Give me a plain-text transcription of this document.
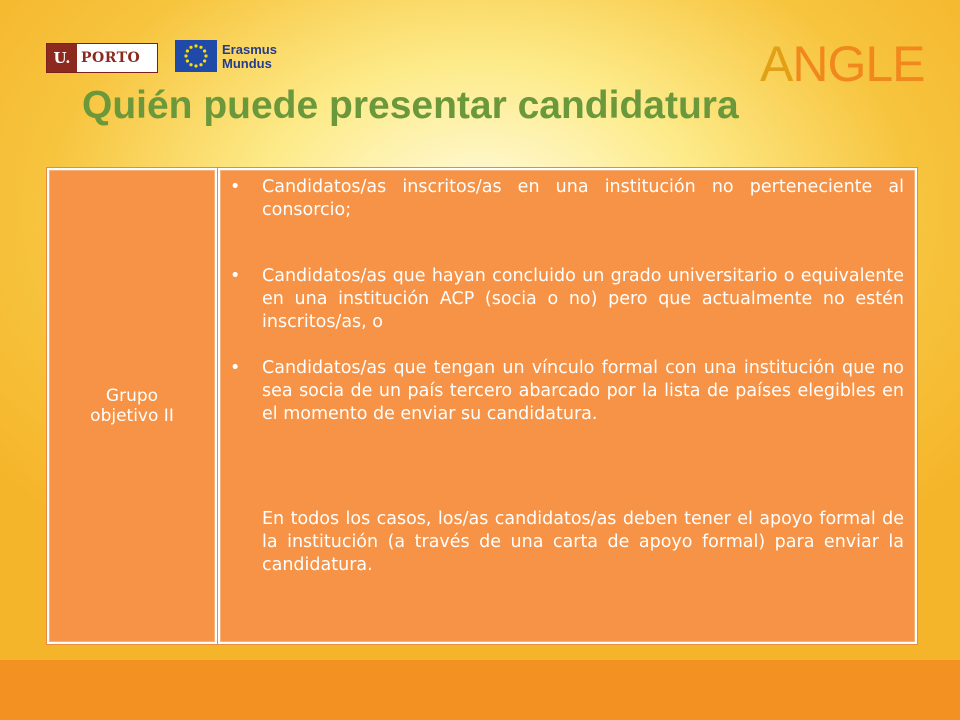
U. PORTO
Erasmus
Mundus	ANGLE
Quién puede presentar candidatura
Grupo objetivo II
• Candidatos/as inscritos/as en una institución no perteneciente al consorcio;
• Candidatos/as que hayan concluido un grado universitario o equivalente en una institución ACP (socia o no) pero que actualmente no estén inscritos/as, o
• Candidatos/as que tengan un vínculo formal con una institución que no sea socia de un país tercero abarcado por la lista de países elegibles en el momento de enviar su candidatura.
En todos los casos, los/as candidatos/as deben tener el apoyo formal de la institución (a través de una carta de apoyo formal) para enviar la candidatura.
